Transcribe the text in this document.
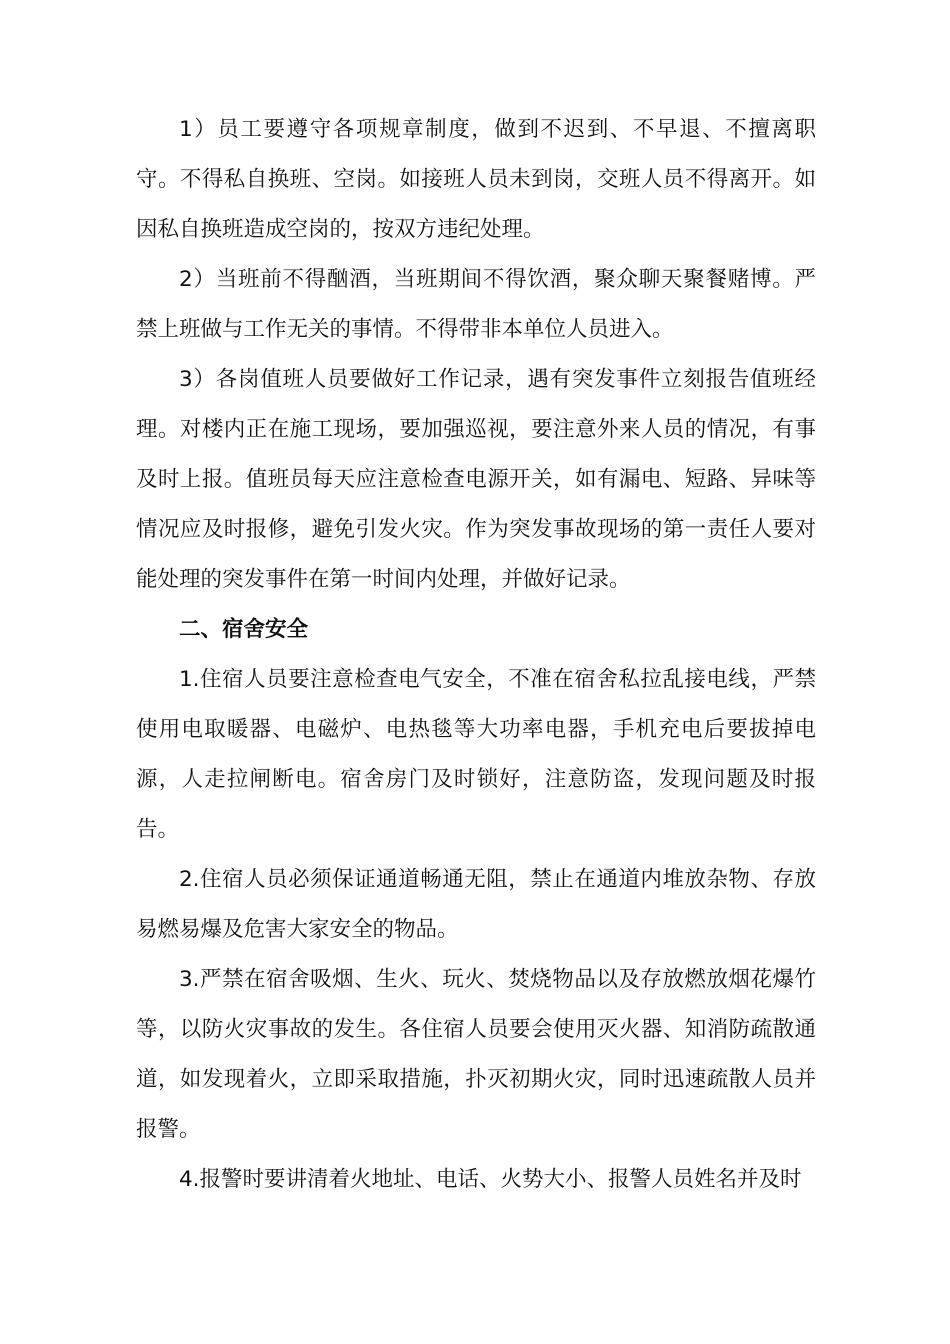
1）员工要遵守各项规章制度，做到不迟到、不早退、不擅离职守。不得私自换班、空岗。如接班人员未到岗，交班人员不得离开。如因私自换班造成空岗的，按双方违纪处理。

2）当班前不得酗酒，当班期间不得饮酒，聚众聊天聚餐赌博。严禁上班做与工作无关的事情。不得带非本单位人员进入。

3）各岗值班人员要做好工作记录，遇有突发事件立刻报告值班经理。对楼内正在施工现场，要加强巡视，要注意外来人员的情况，有事及时上报。值班员每天应注意检查电源开关，如有漏电、短路、异味等情况应及时报修，避免引发火灾。作为突发事故现场的第一责任人要对能处理的突发事件在第一时间内处理，并做好记录。

二、宿舍安全

1.住宿人员要注意检查电气安全，不准在宿舍私拉乱接电线，严禁使用电取暖器、电磁炉、电热毯等大功率电器，手机充电后要拔掉电源，人走拉闸断电。宿舍房门及时锁好，注意防盗，发现问题及时报告。

2.住宿人员必须保证通道畅通无阻，禁止在通道内堆放杂物、存放易燃易爆及危害大家安全的物品。

3.严禁在宿舍吸烟、生火、玩火、焚烧物品以及存放燃放烟花爆竹等，以防火灾事故的发生。各住宿人员要会使用灭火器、知消防疏散通道，如发现着火，立即采取措施，扑灭初期火灾，同时迅速疏散人员并报警。

4.报警时要讲清着火地址、电话、火势大小、报警人员姓名并及时
